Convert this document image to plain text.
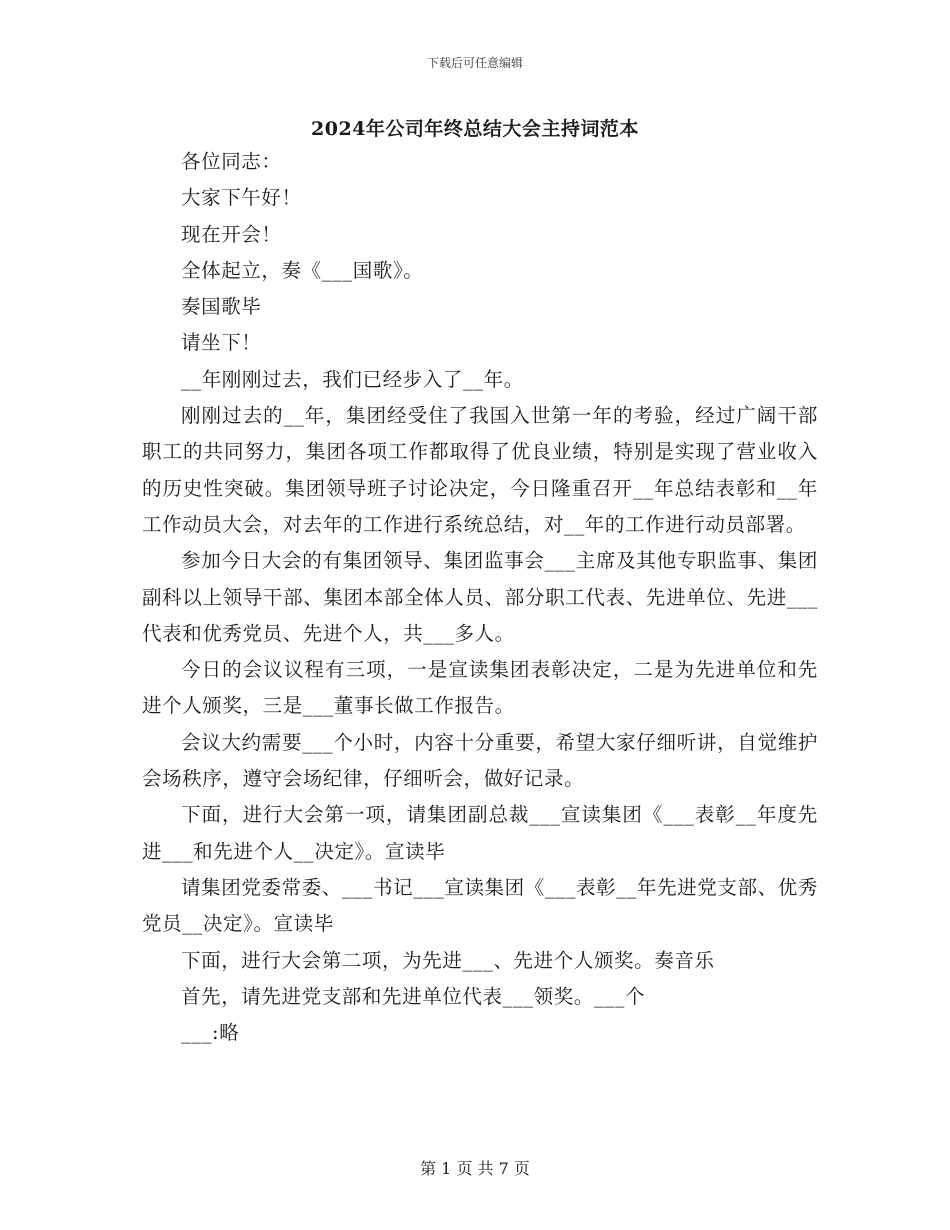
下载后可任意编辑
2024年公司年终总结大会主持词范本

各位同志：

大家下午好！

现在开会！

全体起立，奏《___国歌》。

奏国歌毕

请坐下！

__年刚刚过去，我们已经步入了__年。

刚刚过去的__年，集团经受住了我国入世第一年的考验，经过广阔干部职工的共同努力，集团各项工作都取得了优良业绩，特别是实现了营业收入的历史性突破。集团领导班子讨论决定，今日隆重召开__年总结表彰和__年工作动员大会，对去年的工作进行系统总结，对__年的工作进行动员部署。

参加今日大会的有集团领导、集团监事会___主席及其他专职监事、集团副科以上领导干部、集团本部全体人员、部分职工代表、先进单位、先进___代表和优秀党员、先进个人，共___多人。

今日的会议议程有三项，一是宣读集团表彰决定，二是为先进单位和先进个人颁奖，三是___董事长做工作报告。

会议大约需要___个小时，内容十分重要，希望大家仔细听讲，自觉维护会场秩序，遵守会场纪律，仔细听会，做好记录。

下面，进行大会第一项，请集团副总裁___宣读集团《___表彰__年度先进___和先进个人__决定》。宣读毕

请集团党委常委、___书记___宣读集团《___表彰__年先进党支部、优秀党员__决定》。宣读毕

下面，进行大会第二项，为先进___、先进个人颁奖。奏音乐

首先，请先进党支部和先进单位代表___领奖。___个

___:略

第 1 页 共 7 页
